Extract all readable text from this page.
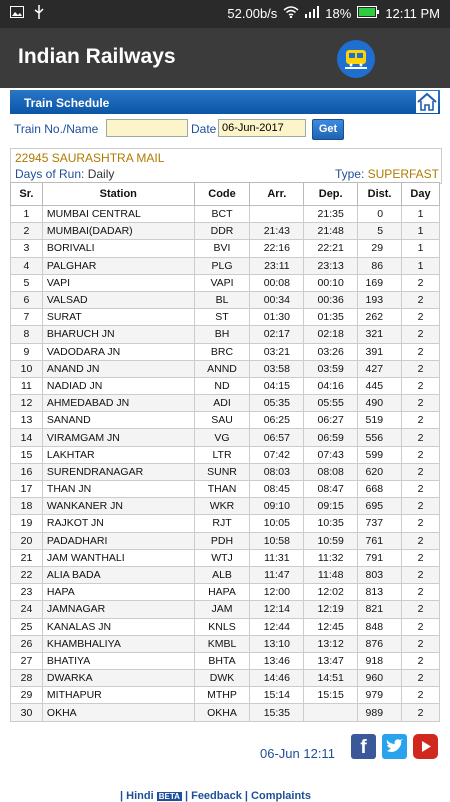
52.00b/s	18%	12:11 PM
Indian Railways
Train Schedule
Train No./Name	Date
06-Jun-2017	Get
22945 SAURASHTRA MAIL
Days of Run: Daily	Type: SUPERFAST
Sr.	Station	Code	Arr.	Dep.	Dist.	Day
1	MUMBAI CENTRAL	BCT		21:35	0	1
2	MUMBAI(DADAR)	DDR	21:43	21:48	5	1
3	BORIVALI	BVI	22:16	22:21	29	1
4	PALGHAR	PLG	23:11	23:13	86	1
5	VAPI	VAPI	00:08	00:10	169	2
6	VALSAD	BL	00:34	00:36	193	2
7	SURAT	ST	01:30	01:35	262	2
8	BHARUCH JN	BH	02:17	02:18	321	2
9	VADODARA JN	BRC	03:21	03:26	391	2
10	ANAND JN	ANND	03:58	03:59	427	2
11	NADIAD JN	ND	04:15	04:16	445	2
12	AHMEDABAD JN	ADI	05:35	05:55	490	2
13	SANAND	SAU	06:25	06:27	519	2
14	VIRAMGAM JN	VG	06:57	06:59	556	2
15	LAKHTAR	LTR	07:42	07:43	599	2
16	SURENDRANAGAR	SUNR	08:03	08:08	620	2
17	THAN JN	THAN	08:45	08:47	668	2
18	WANKANER JN	WKR	09:10	09:15	695	2
19	RAJKOT JN	RJT	10:05	10:35	737	2
20	PADADHARI	PDH	10:58	10:59	761	2
21	JAM WANTHALI	WTJ	11:31	11:32	791	2
22	ALIA BADA	ALB	11:47	11:48	803	2
23	HAPA	HAPA	12:00	12:02	813	2
24	JAMNAGAR	JAM	12:14	12:19	821	2
25	KANALAS JN	KNLS	12:44	12:45	848	2
26	KHAMBHALIYA	KMBL	13:10	13:12	876	2
27	BHATIYA	BHTA	13:46	13:47	918	2
28	DWARKA	DWK	14:46	14:51	960	2
29	MITHAPUR	MTHP	15:14	15:15	979	2
30	OKHA	OKHA	15:35		989	2
06-Jun 12:11	f
| Hindi BETA | Feedback | Complaints
